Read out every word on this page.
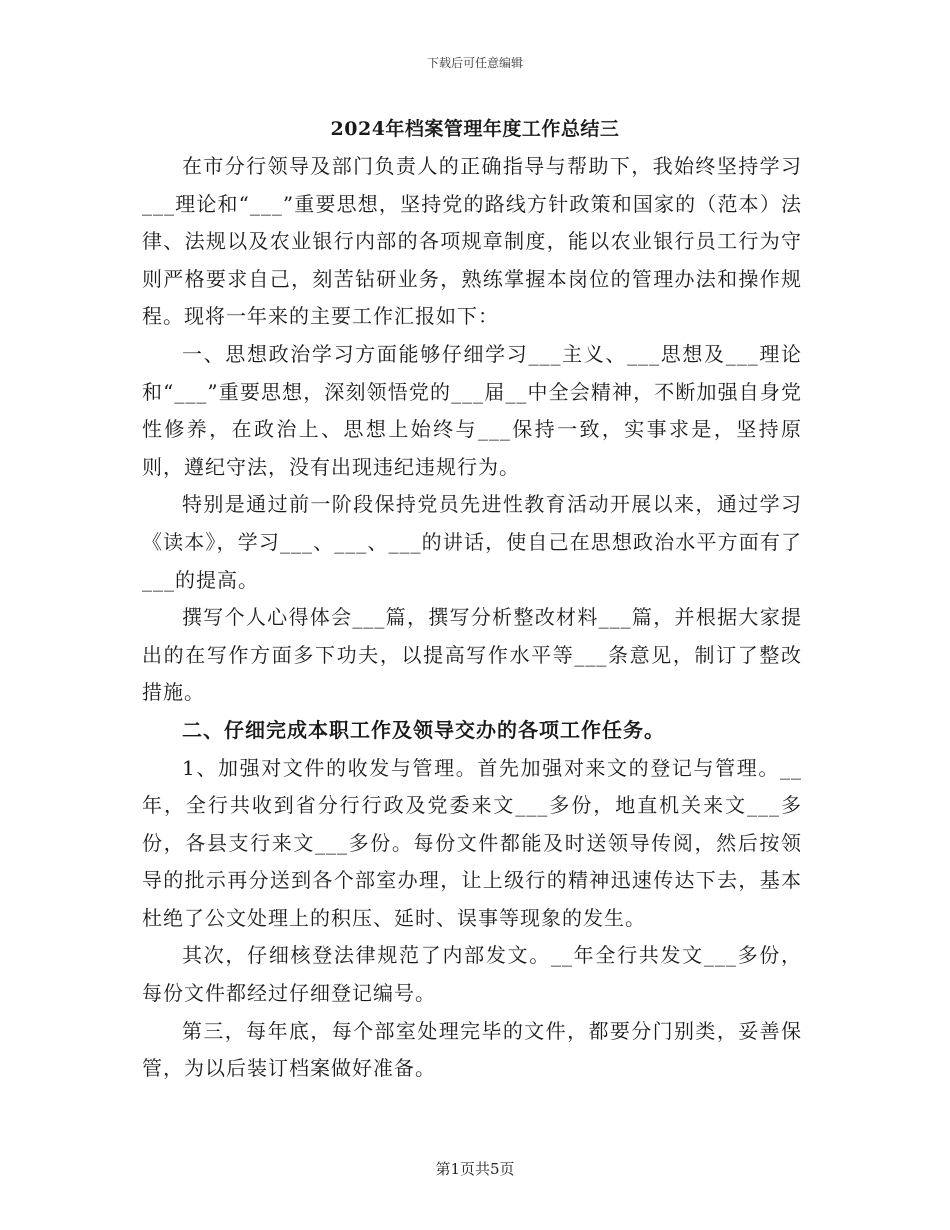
下载后可任意编辑
2024年档案管理年度工作总结三

在市分行领导及部门负责人的正确指导与帮助下，我始终坚持学习___理论和“___”重要思想，坚持党的路线方针政策和国家的（范本）法律、法规以及农业银行内部的各项规章制度，能以农业银行员工行为守则严格要求自己，刻苦钻研业务，熟练掌握本岗位的管理办法和操作规程。现将一年来的主要工作汇报如下：

一、思想政治学习方面能够仔细学习___主义、___思想及___理论和“___”重要思想，深刻领悟党的___届__中全会精神，不断加强自身党性修养，在政治上、思想上始终与___保持一致，实事求是，坚持原则，遵纪守法，没有出现违纪违规行为。

特别是通过前一阶段保持党员先进性教育活动开展以来，通过学习《读本》，学习___、___、___的讲话，使自己在思想政治水平方面有了___的提高。

撰写个人心得体会___篇，撰写分析整改材料___篇，并根据大家提出的在写作方面多下功夫，以提高写作水平等___条意见，制订了整改措施。

二、仔细完成本职工作及领导交办的各项工作任务。

1、加强对文件的收发与管理。首先加强对来文的登记与管理。__年，全行共收到省分行行政及党委来文___多份，地直机关来文___多份，各县支行来文___多份。每份文件都能及时送领导传阅，然后按领导的批示再分送到各个部室办理，让上级行的精神迅速传达下去，基本杜绝了公文处理上的积压、延时、误事等现象的发生。

其次，仔细核登法律规范了内部发文。__年全行共发文___多份，每份文件都经过仔细登记编号。

第三，每年底，每个部室处理完毕的文件，都要分门别类，妥善保管，为以后装订档案做好准备。

第1页共5页
